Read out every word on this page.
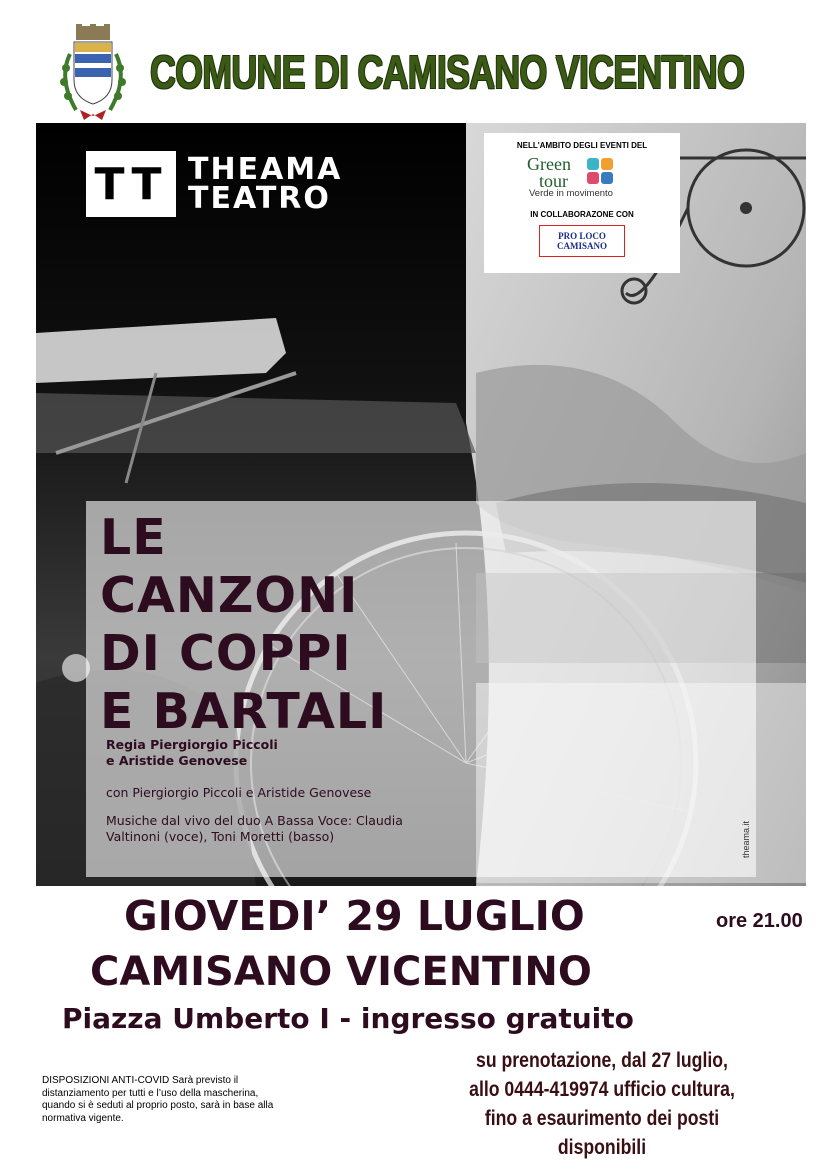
COMUNE DI CAMISANO VICENTINO
TT THEAMA
TEATRO
NELL'AMBITO DEGLI EVENTI DEL
Green
tour
Verde in movimento
IN COLLABORAZONE CON
PRO LOCO CAMISANO
LE
CANZONI
DI COPPI
E BARTALI
Regia Piergiorgio Piccoli
e Aristide Genovese
con Piergiorgio Piccoli e Aristide Genovese
Musiche dal vivo del duo A Bassa Voce: Claudia
Valtinoni (voce), Toni Moretti (basso)	theama.it
GIOVEDI’ 29 LUGLIO	ore 21.00
CAMISANO VICENTINO
Piazza Umberto I - ingresso gratuito
DISPOSIZIONI ANTI-COVID Sarà previsto il distanziamento per tutti e l’uso della mascherina, quando si è seduti al proprio posto, sarà in base alla normativa vigente.
su prenotazione, dal 27 luglio,
allo 0444-419974 ufficio cultura,
fino a esaurimento dei posti disponibili
